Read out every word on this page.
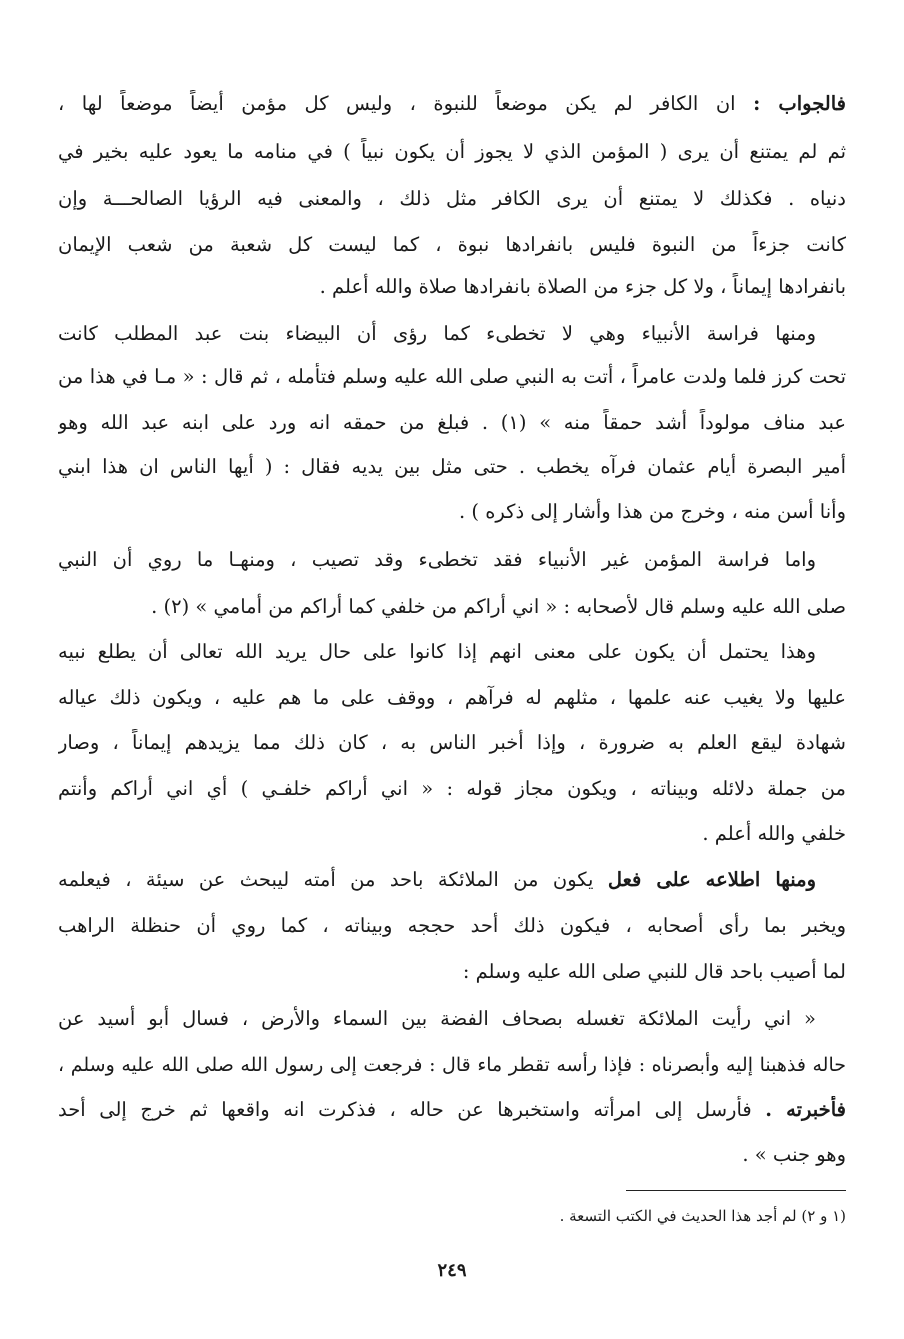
فالجواب : ان الكافر لم يكن موضعاً للنبوة ، وليس كل مؤمن أيضاً موضعاً لها ،
ثم لم يمتنع أن يرى ( المؤمن الذي لا يجوز أن يكون نبياً ) في منامه ما يعود عليه بخير في
دنياه . فكذلك لا يمتنع أن يرى الكافر مثل ذلك ، والمعنى فيه الرؤيا الصالحـــة وإن
كانت جزءاً من النبوة فليس بانفرادها نبوة ، كما ليست كل شعبة من شعب الإيمان
بانفرادها إيماناً ، ولا كل جزء من الصلاة بانفرادها صلاة والله أعلم .
ومنها فراسة الأنبياء وهي لا تخطىء كما رؤى أن البيضاء بنت عبد المطلب كانت
تحت كرز فلما ولدت عامراً ، أتت به النبي صلى الله عليه وسلم فتأمله ، ثم قال : « مـا في هذا من
عبد مناف مولوداً أشد حمقاً منه » (١) . فبلغ من حمقه انه ورد على ابنه عبد الله وهو
أمير البصرة أيام عثمان فرآه يخطب . حتى مثل بين يديه فقال : ( أيها الناس ان هذا ابني
وأنا أسن منه ، وخرج من هذا وأشار إلى ذكره ) .
واما فراسة المؤمن غير الأنبياء فقد تخطىء وقد تصيب ، ومنهـا ما روي أن النبي
صلى الله عليه وسلم قال لأصحابه : « اني أراكم من خلفي كما أراكم من أمامي » (٢) .
وهذا يحتمل أن يكون على معنى انهم إذا كانوا على حال يريد الله تعالى أن يطلع نبيه
عليها ولا يغيب عنه علمها ، مثلهم له فرآهم ، ووقف على ما هم عليه ، ويكون ذلك عياله
شهادة ليقع العلم به ضرورة ، وإذا أخبر الناس به ، كان ذلك مما يزيدهم إيماناً ، وصار
من جملة دلائله وبيناته ، ويكون مجاز قوله : « اني أراكم خلفـي ) أي اني أراكم وأنتم
خلفي والله أعلم .
ومنها اطلاعه على فعل يكون من الملائكة باحد من أمته ليبحث عن سيئة ، فيعلمه
ويخبر بما رأى أصحابه ، فيكون ذلك أحد حججه وبيناته ، كما روي أن حنظلة الراهب
لما أصيب باحد قال للنبي صلى الله عليه وسلم :
« اني رأيت الملائكة تغسله بصحاف الفضة بين السماء والأرض ، فسال أبو أسيد عن
حاله فذهبنا إليه وأبصرناه : فإذا رأسه تقطر ماء قال : فرجعت إلى رسول الله صلى الله عليه وسلم ،
فأخبرته . فأرسل إلى امرأته واستخبرها عن حاله ، فذكرت انه واقعها ثم خرج إلى أحد
وهو جنب » .
(١ و ٢) لم أجد هذا الحديث في الكتب التسعة .
٢٤٩
